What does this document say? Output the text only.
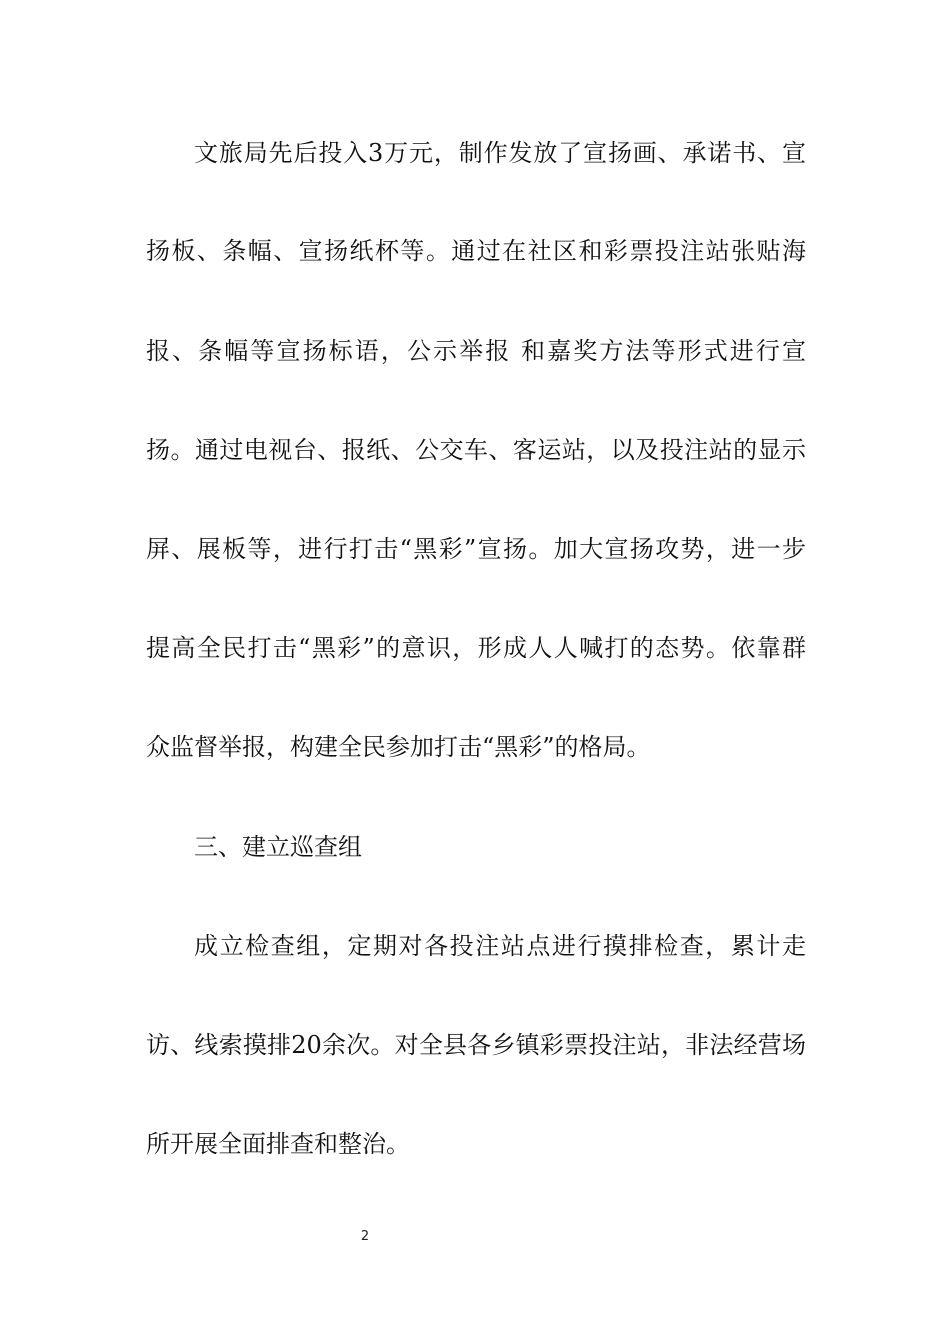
文旅局先后投入3万元，制作发放了宣扬画、承诺书、宣
扬板、条幅、宣扬纸杯等。通过在社区和彩票投注站张贴海
报、条幅等宣扬标语，公示举报 和嘉奖方法等形式进行宣
扬。通过电视台、报纸、公交车、客运站，以及投注站的显示
屏、展板等，进行打击“黑彩”宣扬。加大宣扬攻势，进一步
提高全民打击“黑彩”的意识，形成人人喊打的态势。依靠群
众监督举报，构建全民参加打击“黑彩”的格局。
三、建立巡查组
成立检查组，定期对各投注站点进行摸排检查，累计走
访、线索摸排20余次。对全县各乡镇彩票投注站，非法经营场
所开展全面排查和整治。
2
